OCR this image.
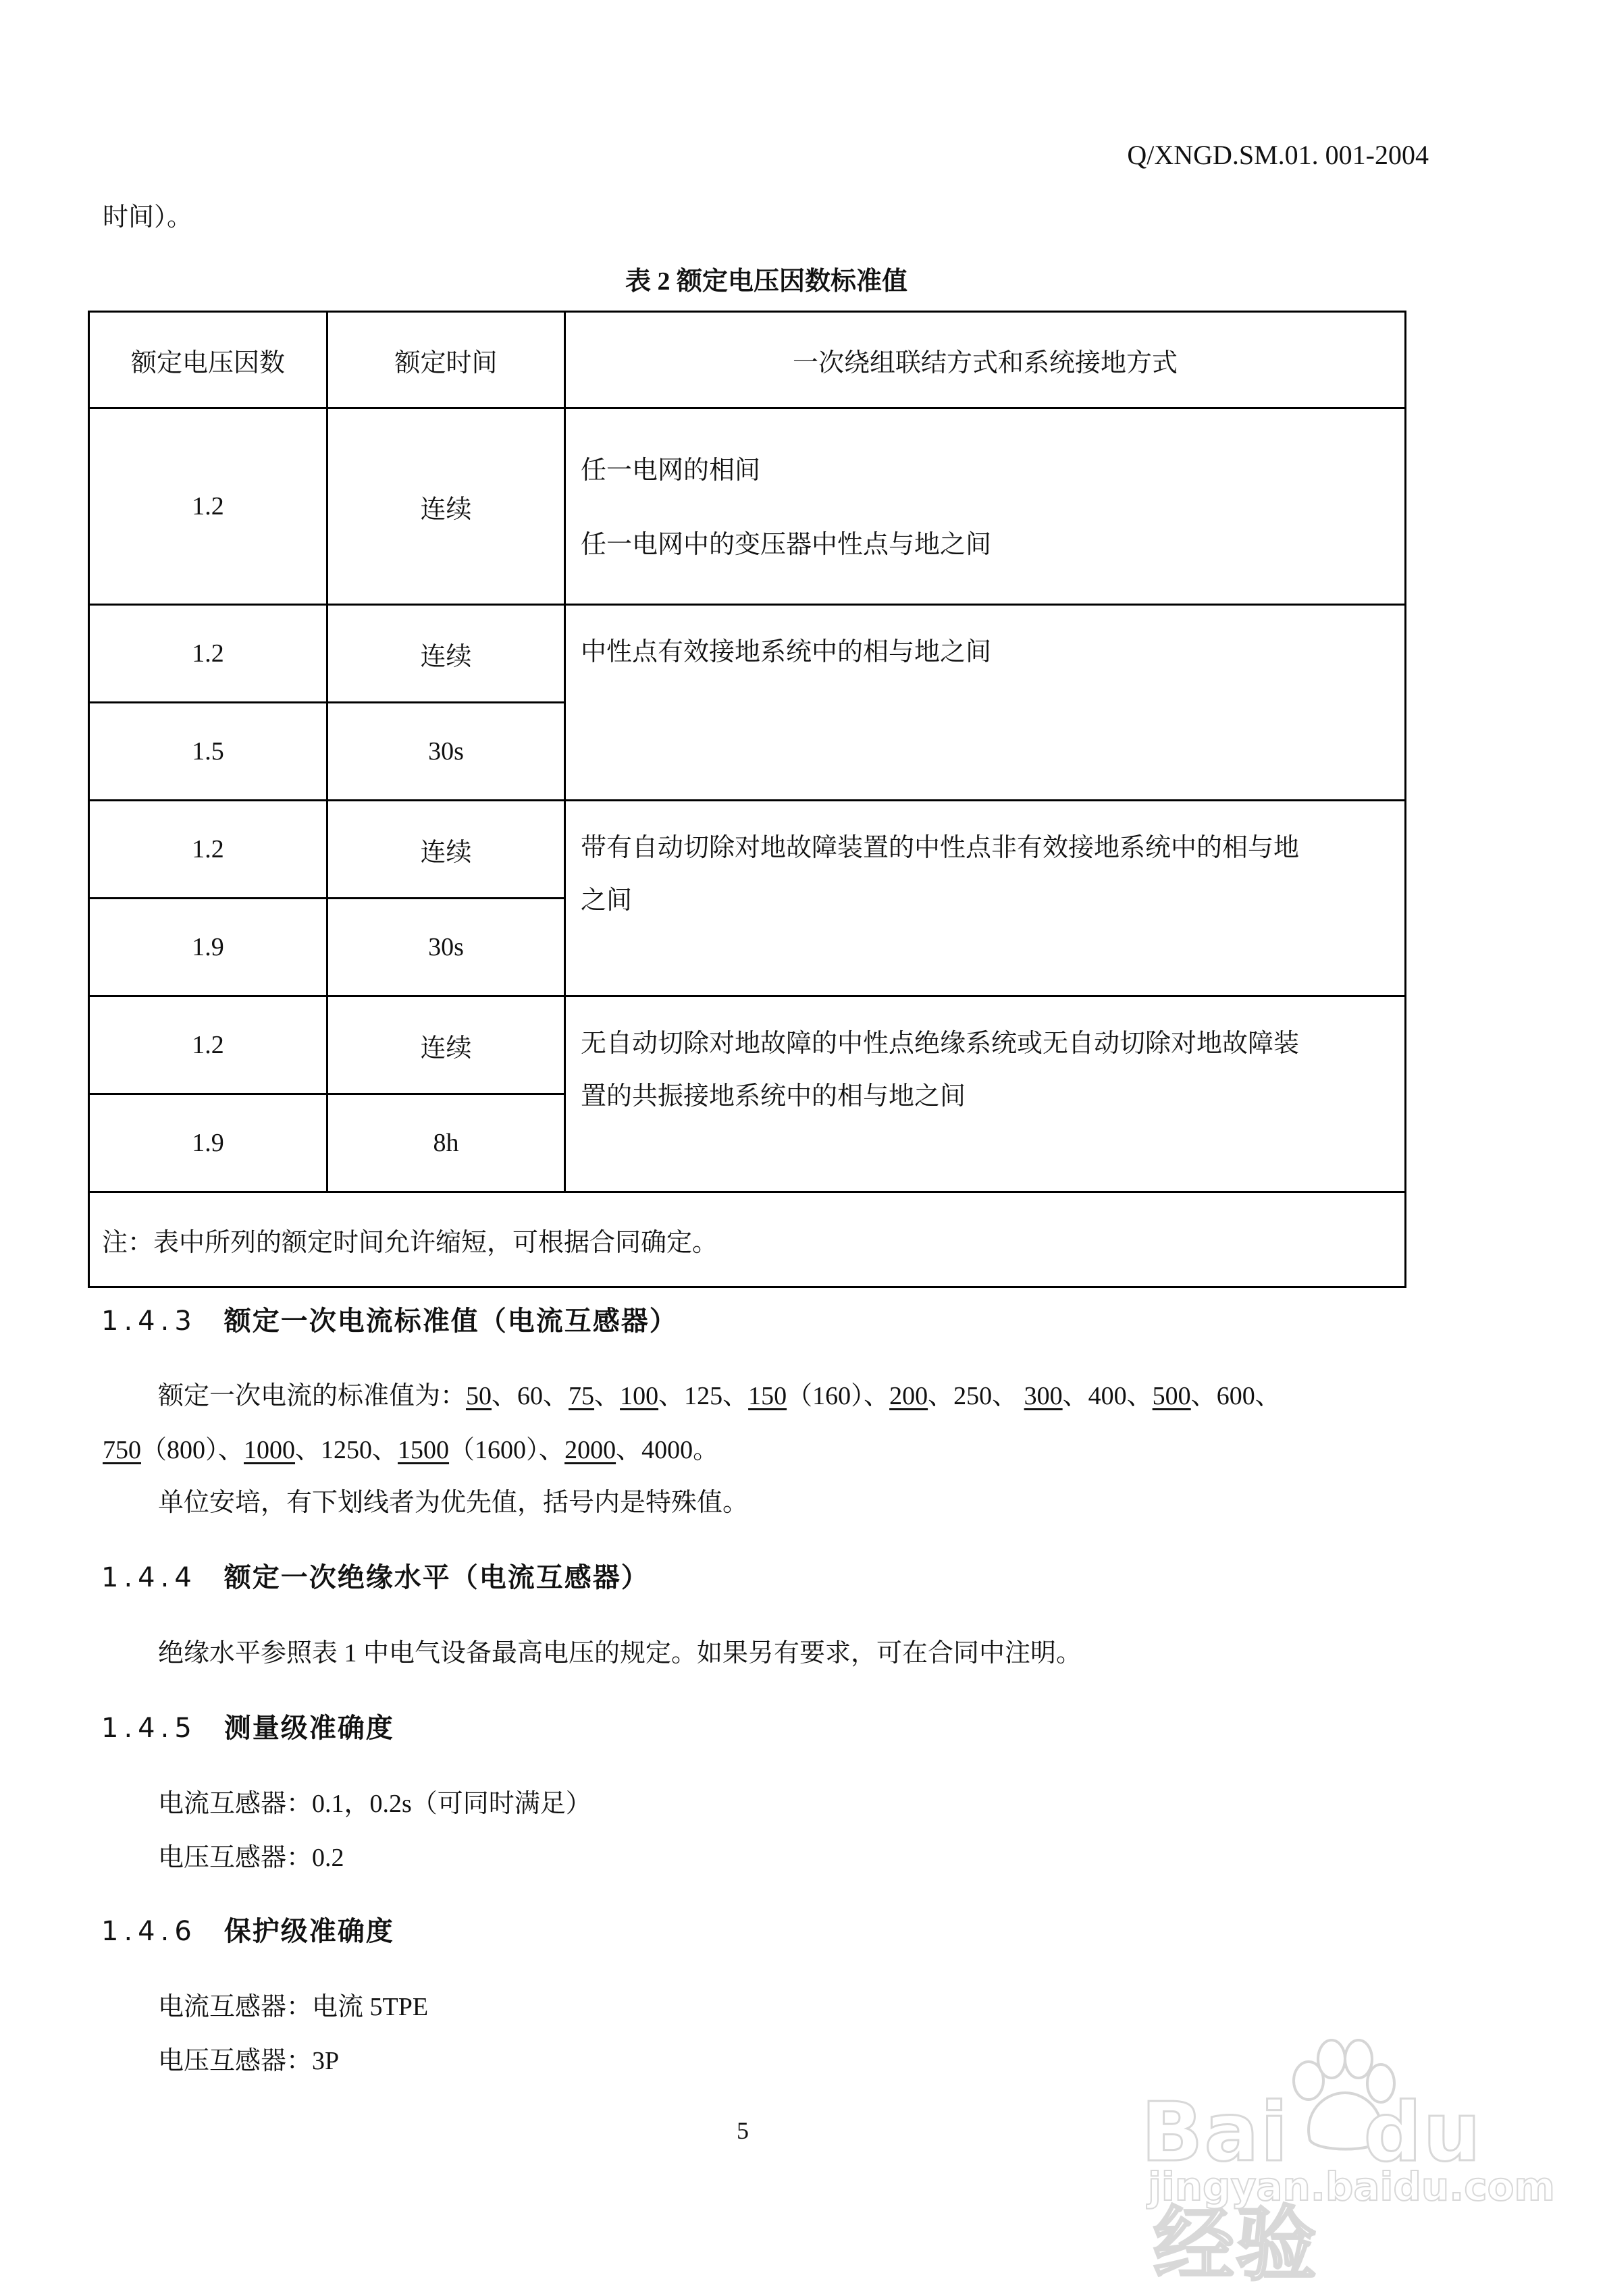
Q/XNGD.SM.01. 001-2004
时间）。
表 2 额定电压因数标准值
额定电压因数	额定时间	一次绕组联结方式和系统接地方式
1.2	连续	任一电网的相间
任一电网中的变压器中性点与地之间

1.2	连续	中性点有效接地系统中的相与地之间

1.5	30s	
1.2	连续	带有自动切除对地故障装置的中性点非有效接地系统中的相与地
之间

1.9	30s	
1.2	连续	无自动切除对地故障的中性点绝缘系统或无自动切除对地故障装
置的共振接地系统中的相与地之间

1.9	8h	
注：表中所列的额定时间允许缩短，可根据合同确定。		
1.4.3 额定一次电流标准值（电流互感器）
额定一次电流的标准值为：50、60、75、100、125、150（160）、200、250、 300、400、500、600、
750（800）、1000、1250、1500（1600）、2000、4000。
单位安培，有下划线者为优先值，括号内是特殊值。
1.4.4 额定一次绝缘水平（电流互感器）
绝缘水平参照表 1 中电气设备最高电压的规定。如果另有要求，可在合同中注明。
1.4.5 测量级准确度
电流互感器：0.1，0.2s（可同时满足）
电压互感器：0.2
1.4.6 保护级准确度
电流互感器：电流 5TPE
电压互感器：3P
5	Bai du经验
jingyan.baidu.com
